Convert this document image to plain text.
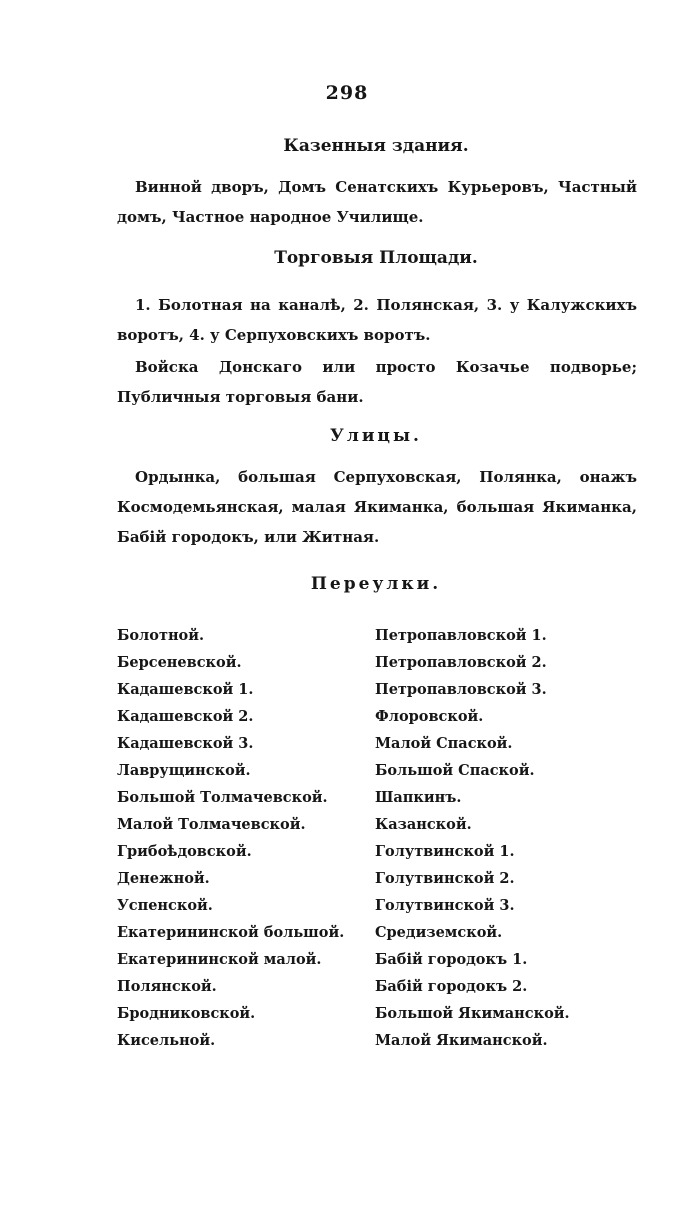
298
Казенныя здания.
Винной дворъ, Домъ Сенатскихъ Курьеровъ, Частный домъ, Частное народное Училище.
Торговыя Площади.
1. Болотная на каналѣ, 2. Полянская, 3. у Калужскихъ воротъ, 4. у Серпуховскихъ воротъ.
Войска Донскаго или просто Козачье подворье; Публичныя торговыя бани.
Улицы.
Ордынка, большая Серпуховская, Полянка, онажъ Космодемьянская, малая Якиманка, большая Якиманка, Бабій городокъ, или Житная.
Переулки.
Болотной.
Берсеневской.
Кадашевской 1.
Кадашевской 2.
Кадашевской 3.
Лаврущинской.
Большой Толмачевской.
Малой Толмачевской.
Грибоѣдовской.
Денежной.
Успенской.
Екатерининской большой.
Екатерининской малой.
Полянской.
Бродниковской.
Кисельной.
Петропавловской 1.
Петропавловской 2.
Петропавловской 3.
Флоровской.
Малой Спаской.
Большой Спаской.
Шапкинъ.
Казанской.
Голутвинской 1.
Голутвинской 2.
Голутвинской 3.
Средиземской.
Бабій городокъ 1.
Бабій городокъ 2.
Большой Якиманской.
Малой Якиманской.
